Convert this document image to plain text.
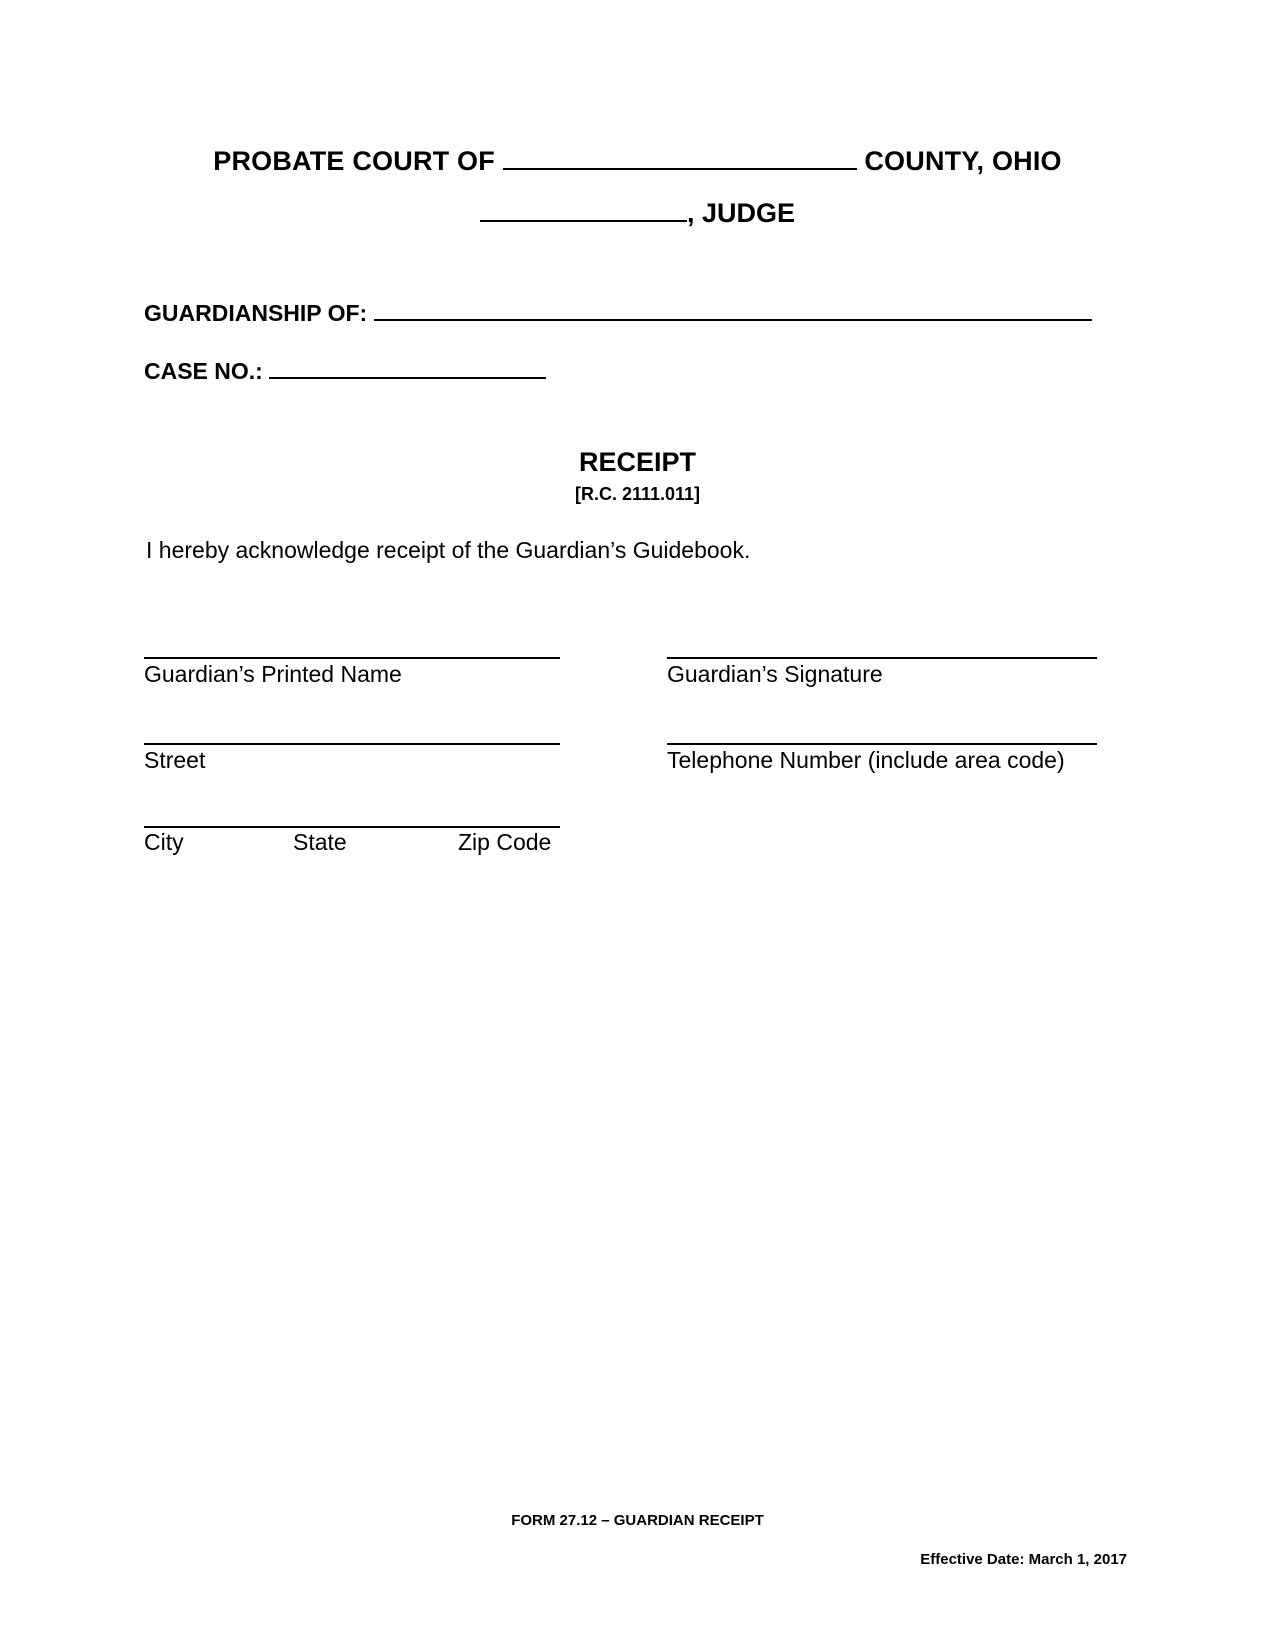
PROBATE COURT OF	COUNTY, OHIO
, JUDGE
GUARDIANSHIP OF:
CASE NO.:
RECEIPT
[R.C. 2111.011]
I hereby acknowledge receipt of the Guardian’s Guidebook.
Guardian’s Printed Name	Guardian’s Signature
Street	Telephone Number (include area code)
City	State	Zip Code
FORM 27.12 – GUARDIAN RECEIPT
Effective Date: March 1, 2017
